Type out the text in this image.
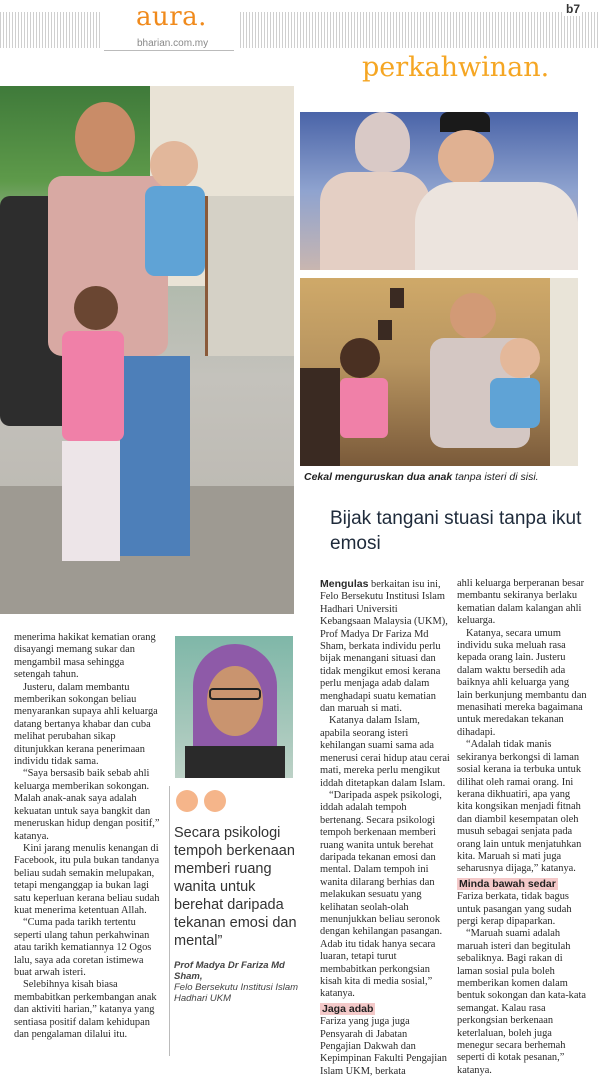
aura.
bharian.com.my
b7
perkahwinan.
Cekal menguruskan dua anak tanpa isteri di sisi.
Bijak tangani stuasi tanpa ikut emosi

menerima hakikat kematian orang disayangi memang sukar dan mengambil masa sehingga setengah tahun.

Justeru, dalam membantu memberikan sokongan beliau menyarankan supaya ahli keluarga datang bertanya khabar dan cuba melihat perubahan sikap ditunjukkan kerana penerimaan individu tidak sama.

“Saya bersasib baik sebab ahli keluarga memberikan sokongan. Malah anak-anak saya adalah kekuatan untuk saya bangkit dan meneruskan hidup dengan positif,” katanya.

Kini jarang menulis kenangan di Facebook, itu pula bukan tandanya beliau sudah semakin melupakan, tetapi menganggap ia bukan lagi satu keperluan kerana beliau sudah kuat menerima ketentuan Allah.

“Cuma pada tarikh tertentu seperti ulang tahun perkahwinan atau tarikh kematiannya 12 Ogos lalu, saya ada coretan istimewa buat arwah isteri.

Selebihnya kisah biasa membabitkan perkembangan anak dan aktiviti harian,” katanya yang sentiasa positif dalam kehidupan dan pengalaman dilalui itu.

Secara psikologi tempoh berkenaan memberi ruang wanita untuk berehat daripada tekanan emosi dan mental”
Prof Madya Dr Fariza Md Sham,
Felo Bersekutu Institusi Islam Hadhari UKM

Mengulas berkaitan isu ini, Felo Bersekutu Institusi Islam Hadhari Universiti Kebangsaan Malaysia (UKM), Prof Madya Dr Fariza Md Sham, berkata individu perlu bijak menangani situasi dan tidak mengikut emosi kerana perlu menjaga adab dalam menghadapi suatu kematian dan maruah si mati.

Katanya dalam Islam, apabila seorang isteri kehilangan suami sama ada menerusi cerai hidup atau cerai mati, mereka perlu mengikut iddah ditetapkan dalam Islam.

“Daripada aspek psikologi, iddah adalah tempoh bertenang. Secara psikologi tempoh berkenaan memberi ruang wanita untuk berehat daripada tekanan emosi dan mental. Dalam tempoh ini wanita dilarang berhias dan melakukan sesuatu yang kelihatan seolah-olah menunjukkan beliau seronok dengan kehilangan pasangan. Adab itu tidak hanya secara luaran, tetapi turut membabitkan perkongsian kisah kita di media sosial,” katanya.

Jaga adab

Fariza yang juga juga Pensyarah di Jabatan Pengajian Dakwah dan Kepimpinan Fakulti Pengajian Islam UKM, berkata

ahli keluarga berperanan besar membantu sekiranya berlaku kematian dalam kalangan ahli keluarga.

Katanya, secara umum individu suka meluah rasa kepada orang lain. Justeru dalam waktu bersedih ada baiknya ahli keluarga yang lain berkunjung membantu dan menasihati mereka bagaimana untuk meredakan tekanan dihadapi.

“Adalah tidak manis sekiranya berkongsi di laman sosial kerana ia terbuka untuk dilihat oleh ramai orang. Ini kerana dikhuatiri, apa yang kita kongsikan menjadi fitnah dan diambil kesempatan oleh musuh sebagai senjata pada orang lain untuk menjatuhkan kita. Maruah si mati juga seharusnya dijaga,” katanya.

Minda bawah sedar

Fariza berkata, tidak bagus untuk pasangan yang sudah pergi kerap dipaparkan.

“Maruah suami adalah maruah isteri dan begitulah sebaliknya. Bagi rakan di laman sosial pula boleh memberikan komen dalam bentuk sokongan dan kata-kata semangat. Kalau rasa perkongsian berkenaan keterlaluan, boleh juga menegur secara berhemah seperti di kotak pesanan,” katanya.
